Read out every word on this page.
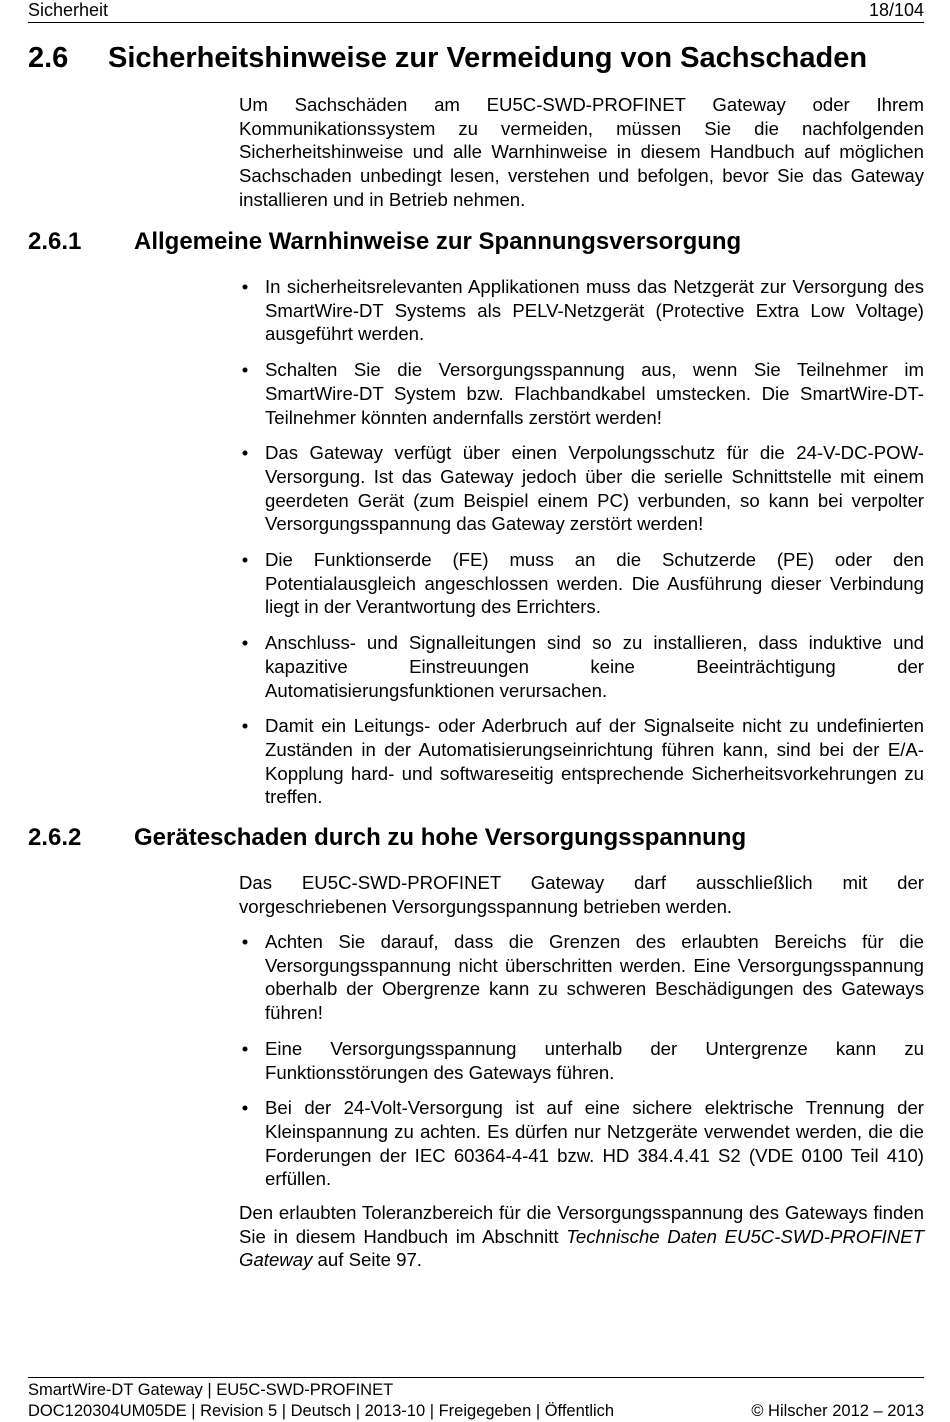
Sicherheit	18/104
2.6 Sicherheitshinweise zur Vermeidung von Sachschaden

Um Sachschäden am EU5C-SWD-PROFINET Gateway oder Ihrem Kommunikationssystem zu vermeiden, müssen Sie die nachfolgenden Sicherheitshinweise und alle Warnhinweise in diesem Handbuch auf möglichen Sachschaden unbedingt lesen, verstehen und befolgen, bevor Sie das Gateway installieren und in Betrieb nehmen.

2.6.1 Allgemeine Warnhinweise zur Spannungsversorgung
• In sicherheitsrelevanten Applikationen muss das Netzgerät zur Versorgung des SmartWire-DT Systems als PELV-Netzgerät (Protective Extra Low Voltage) ausgeführt werden.
• Schalten Sie die Versorgungsspannung aus, wenn Sie Teilnehmer im SmartWire-DT System bzw. Flachbandkabel umstecken. Die SmartWire-DT-Teilnehmer könnten andernfalls zerstört werden!
• Das Gateway verfügt über einen Verpolungsschutz für die 24-V-DC-POW-Versorgung. Ist das Gateway jedoch über die serielle Schnittstelle mit einem geerdeten Gerät (zum Beispiel einem PC) verbunden, so kann bei verpolter Versorgungsspannung das Gateway zerstört werden!
• Die Funktionserde (FE) muss an die Schutzerde (PE) oder den Potentialausgleich angeschlossen werden. Die Ausführung dieser Verbindung liegt in der Verantwortung des Errichters.
• Anschluss- und Signalleitungen sind so zu installieren, dass induktive und kapazitive Einstreuungen keine Beeinträchtigung der Automatisierungsfunktionen verursachen.
• Damit ein Leitungs- oder Aderbruch auf der Signalseite nicht zu undefinierten Zuständen in der Automatisierungseinrichtung führen kann, sind bei der E/A-Kopplung hard- und softwareseitig entsprechende Sicherheitsvorkehrungen zu treffen.
2.6.2 Geräteschaden durch zu hohe Versorgungsspannung

Das EU5C-SWD-PROFINET Gateway darf ausschließlich mit der vorgeschriebenen Versorgungsspannung betrieben werden.

• Achten Sie darauf, dass die Grenzen des erlaubten Bereichs für die Versorgungsspannung nicht überschritten werden. Eine Versorgungsspannung oberhalb der Obergrenze kann zu schweren Beschädigungen des Gateways führen!
• Eine Versorgungsspannung unterhalb der Untergrenze kann zu Funktionsstörungen des Gateways führen.
• Bei der 24-Volt-Versorgung ist auf eine sichere elektrische Trennung der Kleinspannung zu achten. Es dürfen nur Netzgeräte verwendet werden, die die Forderungen der IEC 60364-4-41 bzw. HD 384.4.41 S2 (VDE 0100 Teil 410) erfüllen.

Den erlaubten Toleranzbereich für die Versorgungsspannung des Gateways finden Sie in diesem Handbuch im Abschnitt Technische Daten EU5C-SWD-PROFINET Gateway auf Seite 97.

SmartWire-DT Gateway | EU5C-SWD-PROFINET
DOC120304UM05DE | Revision 5 | Deutsch | 2013-10 | Freigegeben | Öffentlich	© Hilscher 2012 – 2013
